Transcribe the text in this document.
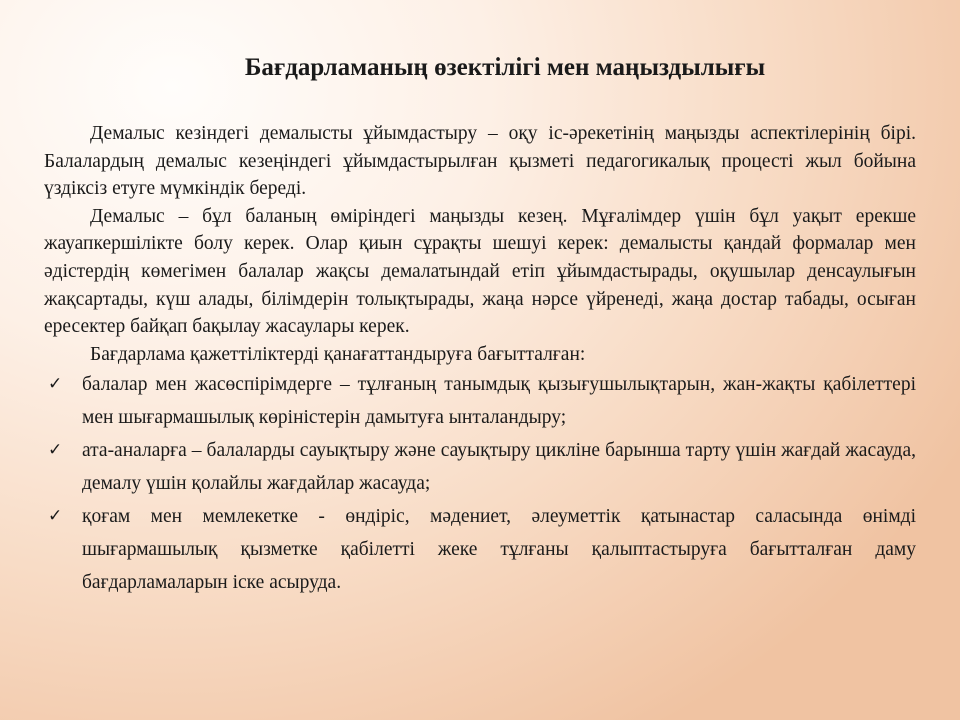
Бағдарламаның өзектілігі мен маңыздылығы

Демалыс кезіндегі демалысты ұйымдастыру – оқу іс-әрекетінің маңызды аспектілерінің бірі. Балалардың демалыс кезеңіндегі ұйымдастырылған қызметі педагогикалық процесті жыл бойына үздіксіз етуге мүмкіндік береді.

Демалыс – бұл баланың өміріндегі маңызды кезең. Мұғалімдер үшін бұл уақыт ерекше жауапкершілікте болу керек. Олар қиын сұрақты шешуі керек: демалысты қандай формалар мен әдістердің көмегімен балалар жақсы демалатындай етіп ұйымдастырады, оқушылар денсаулығын жақсартады, күш алады, білімдерін толықтырады, жаңа нәрсе үйренеді, жаңа достар табады, осыған ересектер байқап бақылау жасаулары керек.

Бағдарлама қажеттіліктерді қанағаттандыруға бағытталған:

✓ балалар мен жасөспірімдерге – тұлғаның танымдық қызығушылықтарын, жан-жақты қабілеттері мен шығармашылық көріністерін дамытуға ынталандыру;
✓ ата-аналарға – балаларды сауықтыру және сауықтыру цикліне барынша тарту үшін жағдай жасауда, демалу үшін қолайлы жағдайлар жасауда;
✓ қоғам мен мемлекетке - өндіріс, мәдениет, әлеуметтік қатынастар саласында өнімді шығармашылық қызметке қабілетті жеке тұлғаны қалыптастыруға бағытталған даму бағдарламаларын іске асыруда.
